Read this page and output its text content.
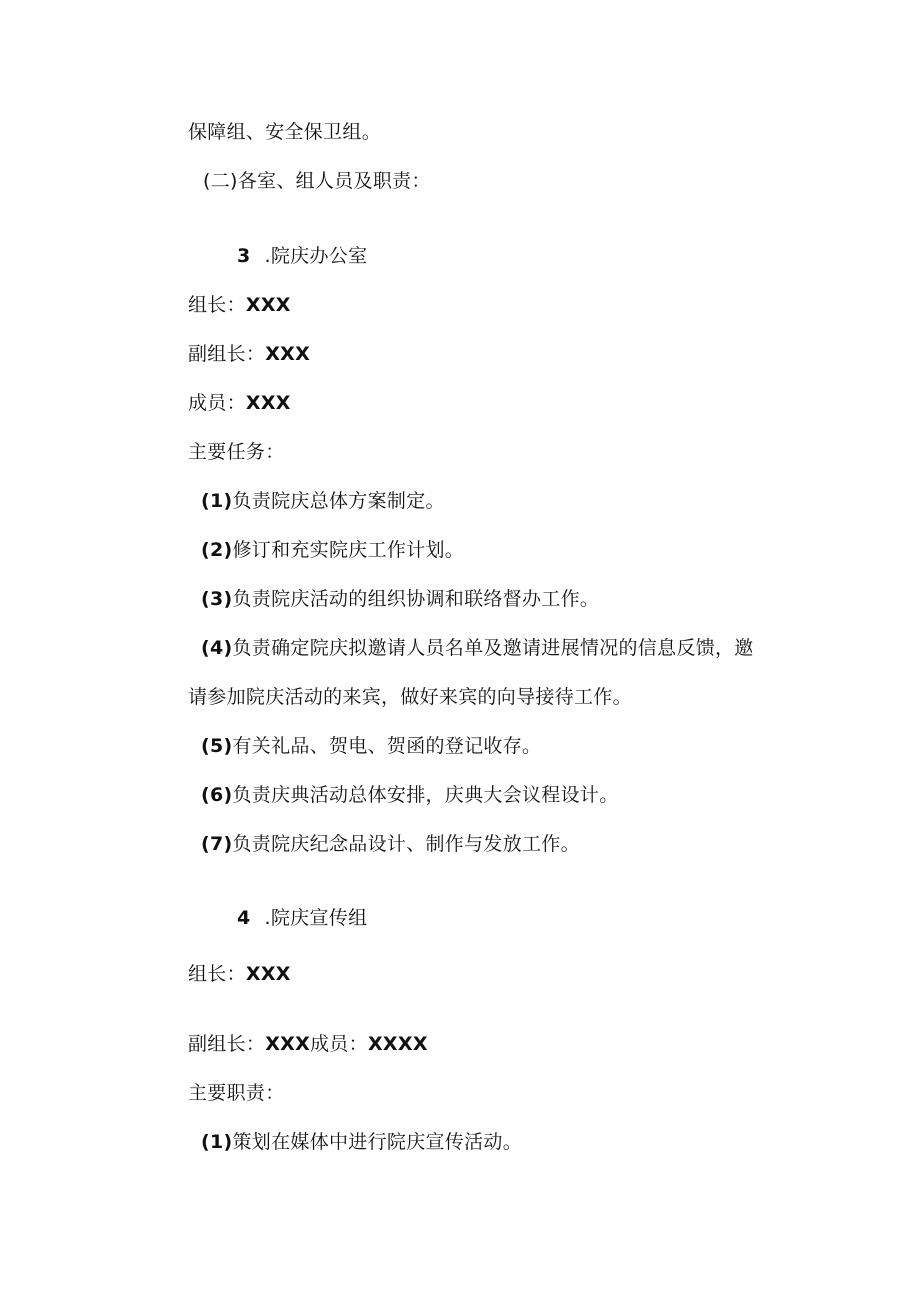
保障组、安全保卫组。
(二)各室、组人员及职责：
3 .院庆办公室
组长：XXX
副组长：XXX
成员：XXX
主要任务：
(1)负责院庆总体方案制定。
(2)修订和充实院庆工作计划。
(3)负责院庆活动的组织协调和联络督办工作。
(4)负责确定院庆拟邀请人员名单及邀请进展情况的信息反馈，邀
请参加院庆活动的来宾，做好来宾的向导接待工作。
(5)有关礼品、贺电、贺函的登记收存。
(6)负责庆典活动总体安排，庆典大会议程设计。
(7)负责院庆纪念品设计、制作与发放工作。
4 .院庆宣传组
组长：XXX
副组长：XXX成员：XXXX
主要职责：
(1)策划在媒体中进行院庆宣传活动。
